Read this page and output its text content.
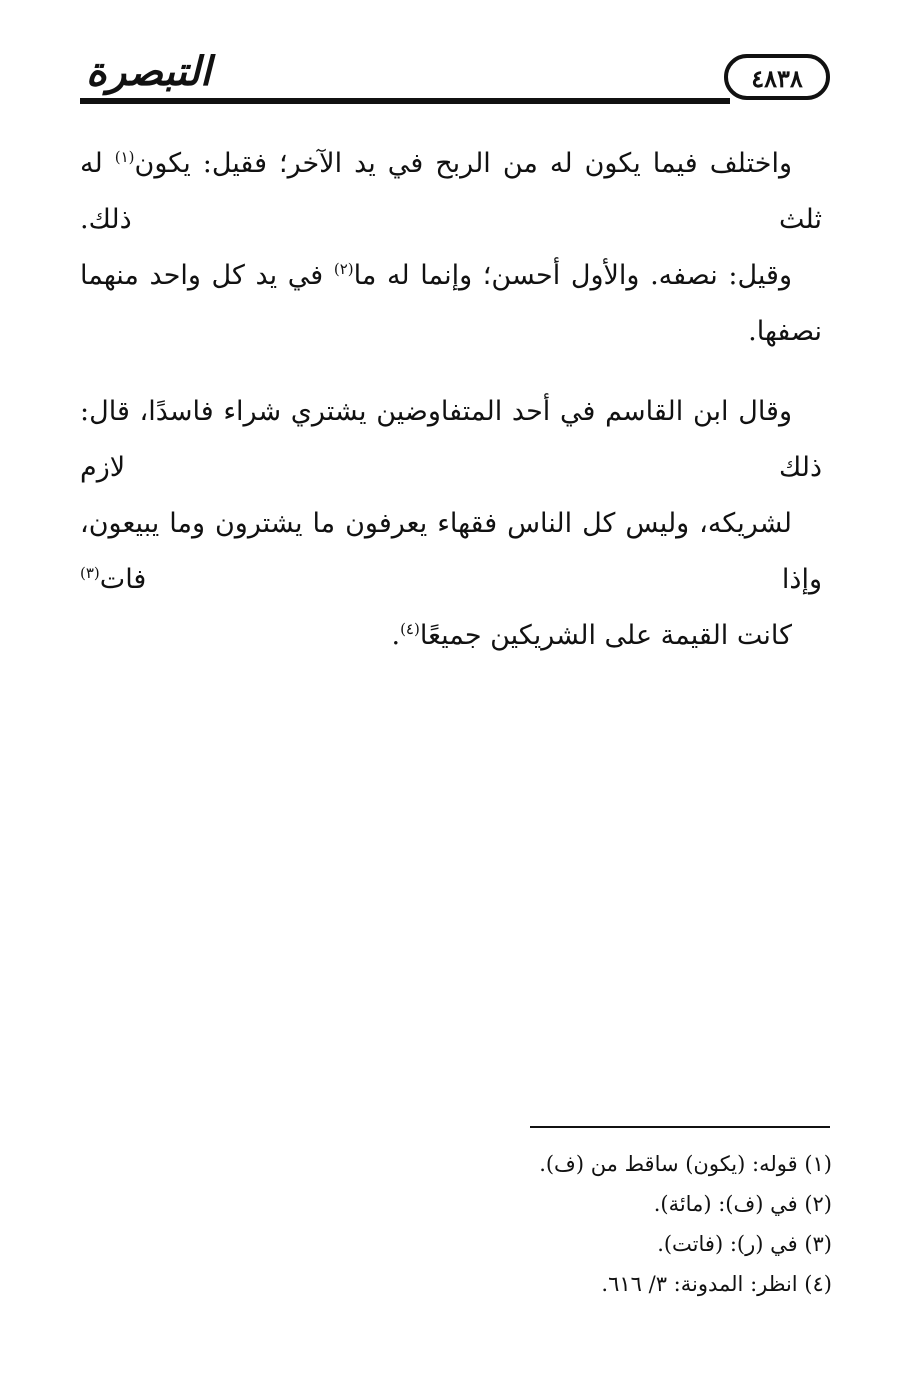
التبصرة	٤٨٣٨

واختلف فيما يكون له من الربح في يد الآخر؛ فقيل: يكون$^{(١)}$ له ثلث ذلك.
وقيل: نصفه. والأول أحسن؛ وإنما له ما$^{(٢)}$ في يد كل واحد منهما نصفها.

وقال ابن القاسم في أحد المتفاوضين يشتري شراء فاسدًا، قال: ذلك لازم
لشريكه، وليس كل الناس فقهاء يعرفون ما يشترون وما يبيعون، وإذا فات$^{(٣)}$
كانت القيمة على الشريكين جميعًا$^{(٤)}$.

(١) قوله: (يكون) ساقط من (ف).
(٢) في (ف): (مائة).
(٣) في (ر): (فاتت).
(٤) انظر: المدونة: ٣/ ٦١٦.
